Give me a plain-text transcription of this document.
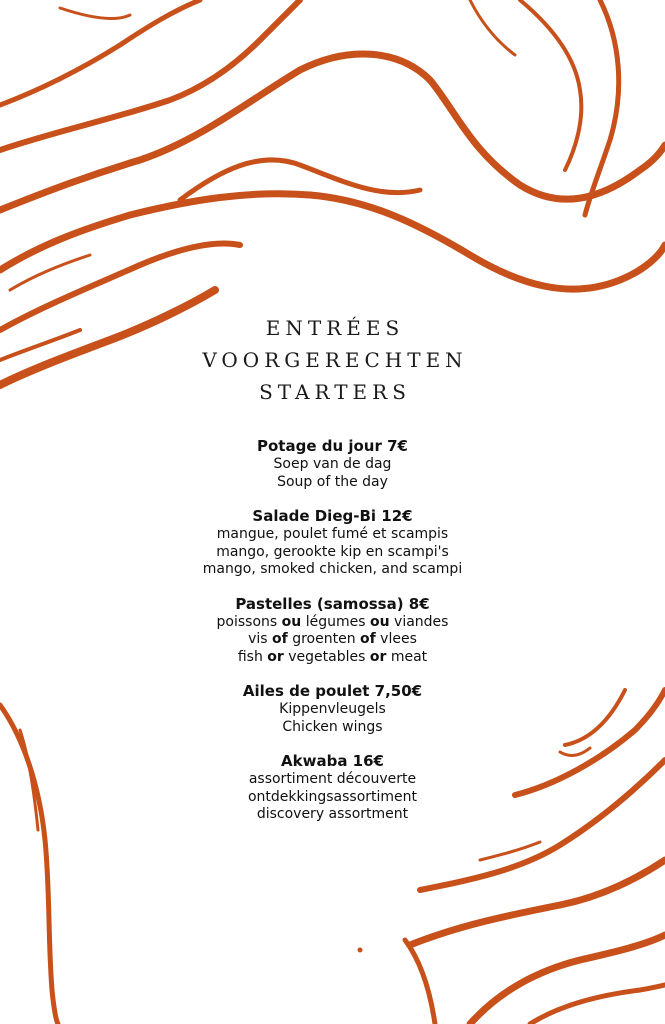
ENTRÉES
VOORGERECHTEN
STARTERS
Potage du jour 7€
Soep van de dag
Soup of the day
Salade Dieg-Bi 12€
mangue, poulet fumé et scampis
mango, gerookte kip en scampi's
mango, smoked chicken, and scampi
Pastelles (samossa) 8€
poissons ou légumes ou viandes
vis of groenten of vlees
fish or vegetables or meat
Ailes de poulet 7,50€
Kippenvleugels
Chicken wings
Akwaba 16€
assortiment découverte
ontdekkingsassortiment
discovery assortment
